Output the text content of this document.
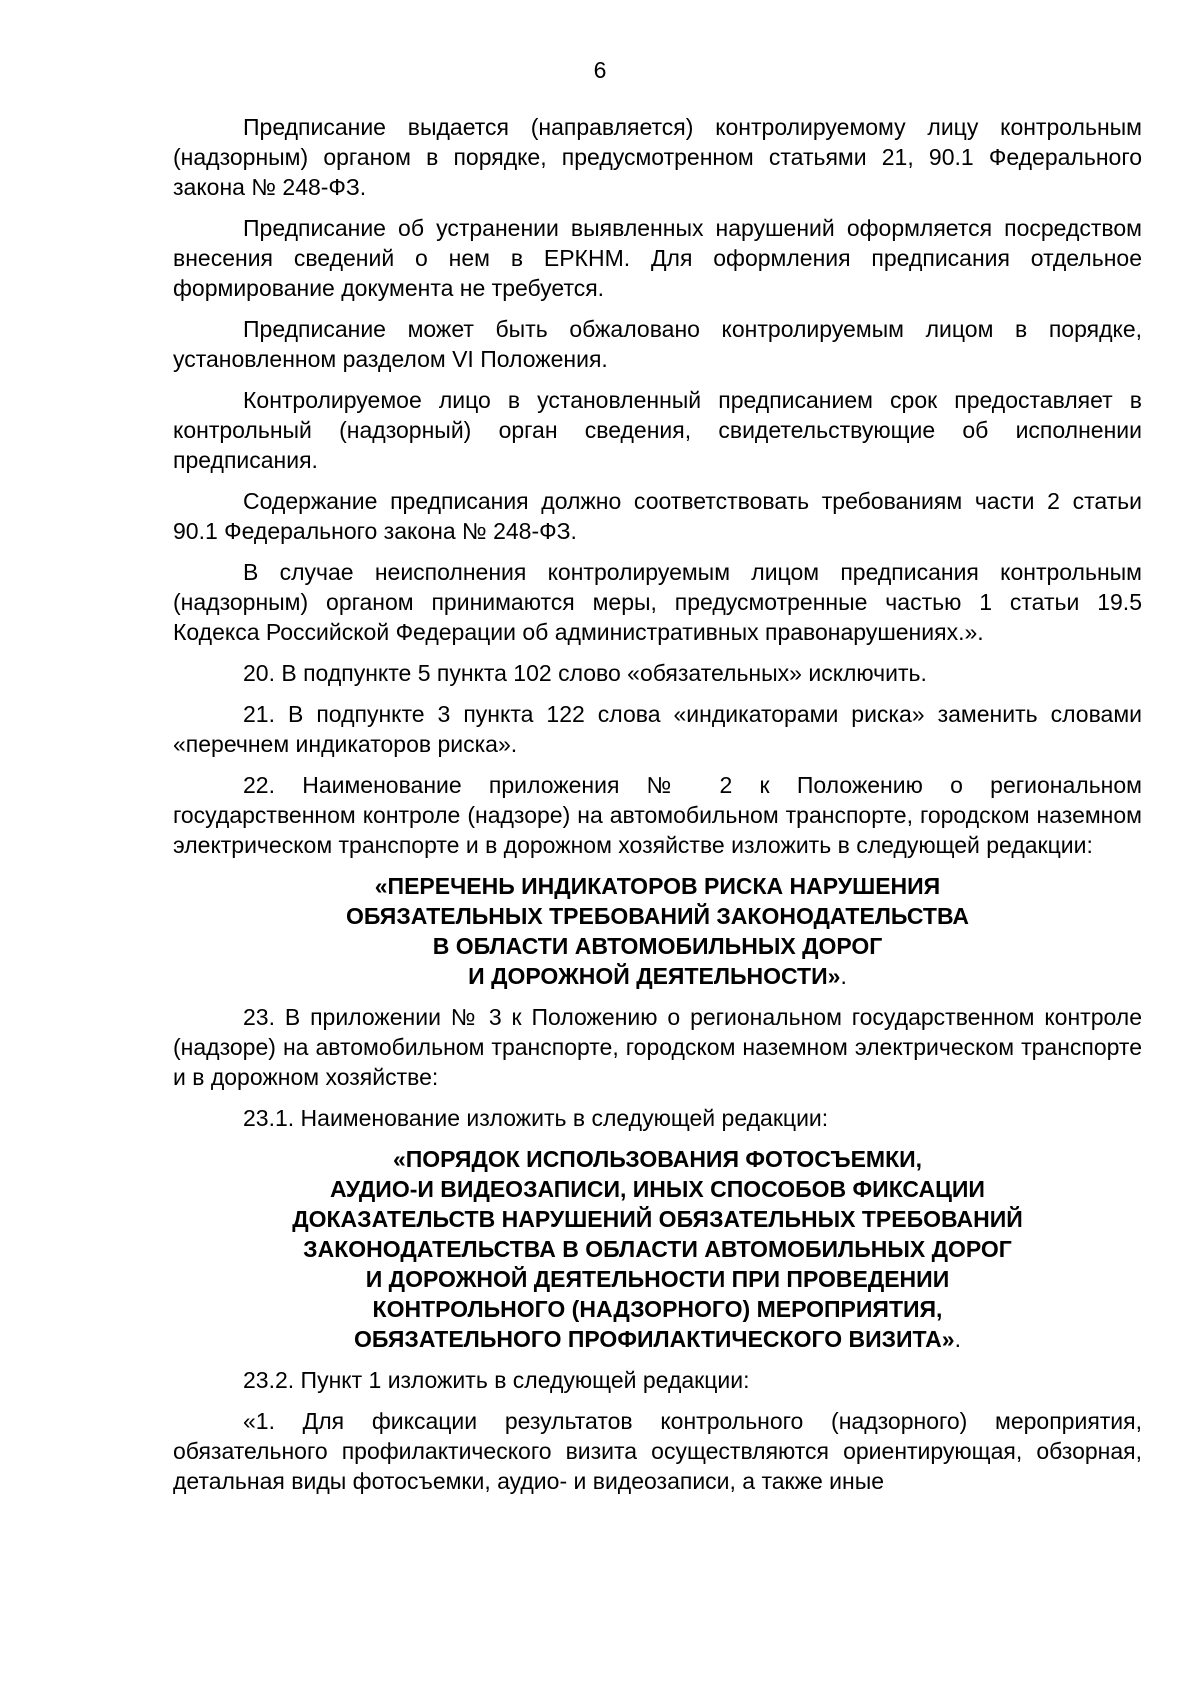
6

Предписание выдается (направляется) контролируемому лицу контрольным (надзорным) органом в порядке, предусмотренном статьями 21, 90.1 Федерального закона № 248-ФЗ.

Предписание об устранении выявленных нарушений оформляется посредством внесения сведений о нем в ЕРКНМ. Для оформления предписания отдельное формирование документа не требуется.

Предписание может быть обжаловано контролируемым лицом в порядке, установленном разделом VI Положения.

Контролируемое лицо в установленный предписанием срок предоставляет в контрольный (надзорный) орган сведения, свидетельствующие об исполнении предписания.

Содержание предписания должно соответствовать требованиям части 2 статьи 90.1 Федерального закона № 248-ФЗ.

В случае неисполнения контролируемым лицом предписания контрольным (надзорным) органом принимаются меры, предусмотренные частью 1 статьи 19.5 Кодекса Российской Федерации об административных правонарушениях.».

20. В подпункте 5 пункта 102 слово «обязательных» исключить.

21. В подпункте 3 пункта 122 слова «индикаторами риска» заменить словами «перечнем индикаторов риска».

22. Наименование приложения № 2 к Положению о региональном государственном контроле (надзоре) на автомобильном транспорте, городском наземном электрическом транспорте и в дорожном хозяйстве изложить в следующей редакции:

«ПЕРЕЧЕНЬ ИНДИКАТОРОВ РИСКА НАРУШЕНИЯ
ОБЯЗАТЕЛЬНЫХ ТРЕБОВАНИЙ ЗАКОНОДАТЕЛЬСТВА
В ОБЛАСТИ АВТОМОБИЛЬНЫХ ДОРОГ
И ДОРОЖНОЙ ДЕЯТЕЛЬНОСТИ».

23. В приложении № 3 к Положению о региональном государственном контроле (надзоре) на автомобильном транспорте, городском наземном электрическом транспорте и в дорожном хозяйстве:

23.1. Наименование изложить в следующей редакции:

«ПОРЯДОК ИСПОЛЬЗОВАНИЯ ФОТОСЪЕМКИ,
АУДИО-И ВИДЕОЗАПИСИ, ИНЫХ СПОСОБОВ ФИКСАЦИИ
ДОКАЗАТЕЛЬСТВ НАРУШЕНИЙ ОБЯЗАТЕЛЬНЫХ ТРЕБОВАНИЙ
ЗАКОНОДАТЕЛЬСТВА В ОБЛАСТИ АВТОМОБИЛЬНЫХ ДОРОГ
И ДОРОЖНОЙ ДЕЯТЕЛЬНОСТИ ПРИ ПРОВЕДЕНИИ
КОНТРОЛЬНОГО (НАДЗОРНОГО) МЕРОПРИЯТИЯ,
ОБЯЗАТЕЛЬНОГО ПРОФИЛАКТИЧЕСКОГО ВИЗИТА».

23.2. Пункт 1 изложить в следующей редакции:

«1. Для фиксации результатов контрольного (надзорного) мероприятия, обязательного профилактического визита осуществляются ориентирующая, обзорная, детальная виды фотосъемки, аудио- и видеозаписи, а также иные
